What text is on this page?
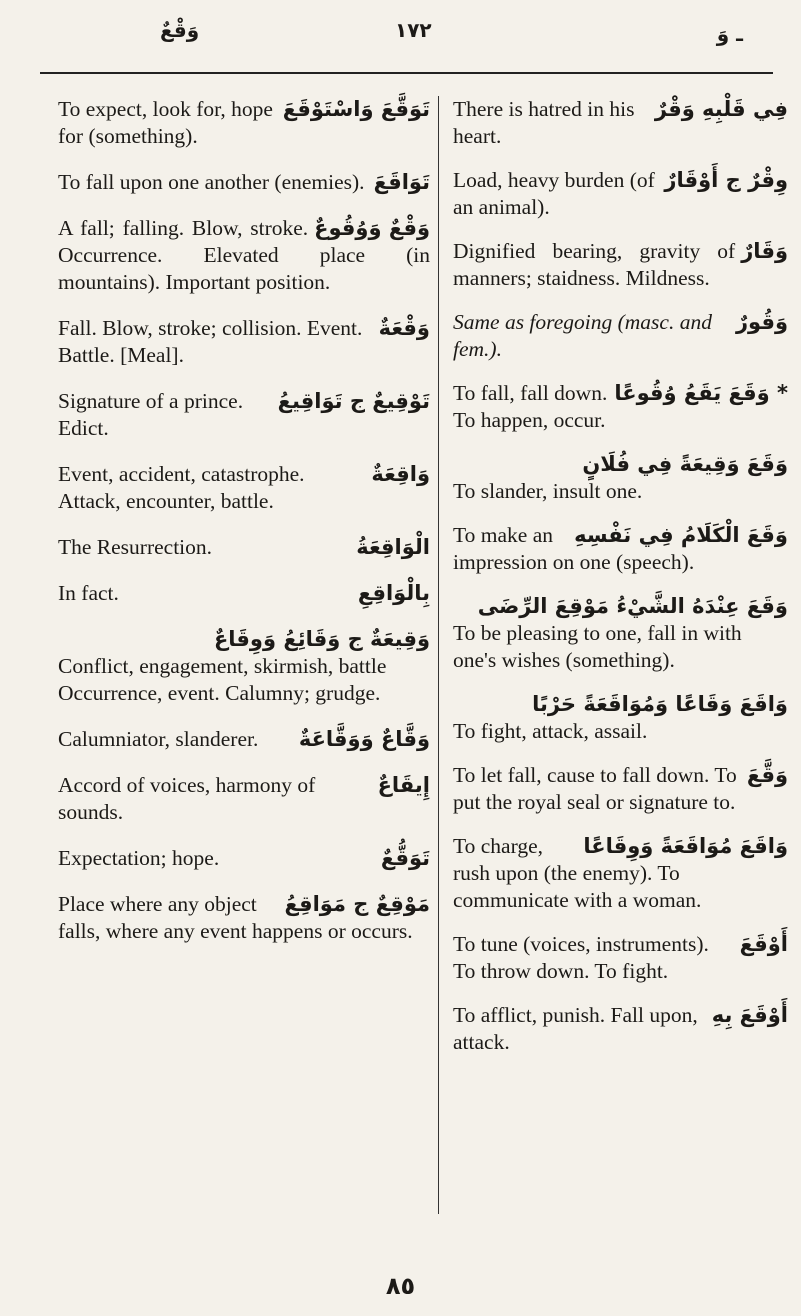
وَقْعٌ	۱٧٢	ـ وَ
تَوَقَّعَ وَاسْتَوْقَعَ
To expect, look for, hope for (something).
تَوَاقَعَ
To fall upon one another (enemies).
وَقْعٌ وَوُقُوعٌ
A fall; falling. Blow, stroke. Occurrence. Elevated place (in mountains). Important position.
وَقْعَةٌ
Fall. Blow, stroke; collision. Event. Battle. [Meal].
تَوْقِيعٌ ج تَوَاقِيعُ
Signature of a prince. Edict.
وَاقِعَةٌ
Event, accident, catastrophe. Attack, encounter, battle.
الْوَاقِعَةُ
The Resurrection.
بِالْوَاقِعِ
In fact.
وَقِيعَةٌ ج وَقَائِعُ وَوِقَاعٌ
Conflict, engagement, skirmish, battle Occurrence, event. Calumny; grudge.
وَقَّاعٌ وَوَقَّاعَةٌ
Calumniator, slanderer.
إِيقَاعٌ
Accord of voices, harmony of sounds.
تَوَقُّعٌ
Expectation; hope.
مَوْقِعٌ ج مَوَاقِعُ
Place where any object falls, where any event happens or occurs.
فِي قَلْبِهِ وَقْرٌ
There is hatred in his heart.
وِقْرٌ ج أَوْقَارٌ
Load, heavy burden (of an animal).
وَقَارٌ
Dignified bearing, gravity of manners; staidness. Mildness.
وَقُورٌ
Same as foregoing (masc. and fem.).
* وَقَعَ يَقَعُ وُقُوعًا
To fall, fall down. To happen, occur.
وَقَعَ وَقِيعَةً فِي فُلَانٍ
To slander, insult one.
وَقَعَ الْكَلَامُ فِي نَفْسِهِ
To make an impression on one (speech).
وَقَعَ عِنْدَهُ الشَّيْءُ مَوْقِعَ الرِّضَى
To be pleasing to one, fall in with one's wishes (something).
وَاقَعَ وَقَاعًا وَمُوَاقَعَةً حَرْبًا
To fight, attack, assail.
وَقَّعَ
To let fall, cause to fall down. To put the royal seal or signature to.
وَاقَعَ مُوَاقَعَةً وَوِقَاعًا
To charge, rush upon (the enemy). To communicate with a woman.
أَوْقَعَ
To tune (voices, instruments). To throw down. To fight.
أَوْقَعَ بِهِ
To afflict, punish. Fall upon, attack.
٨٥
